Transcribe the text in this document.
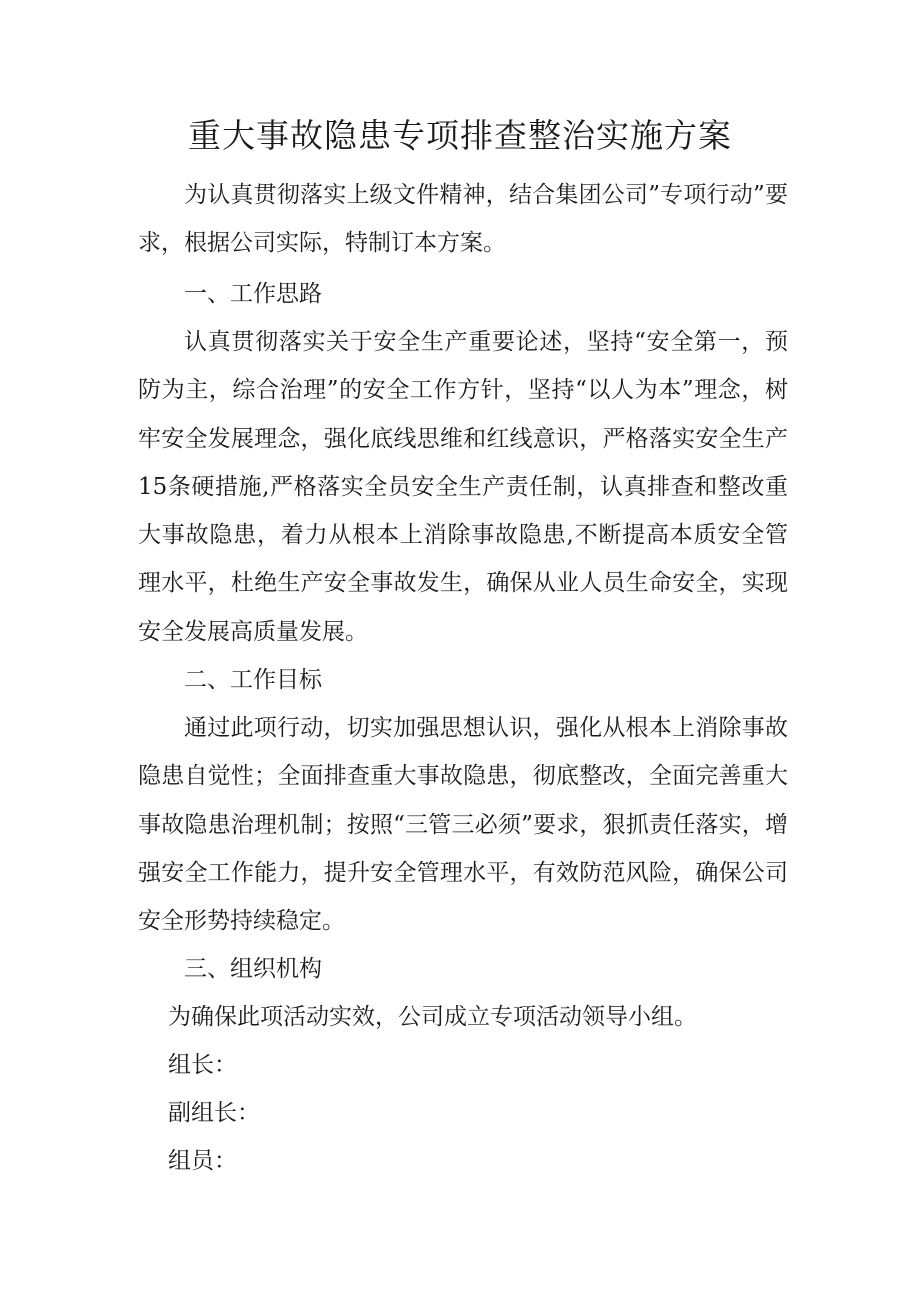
重大事故隐患专项排查整治实施方案
为认真贯彻落实上级文件精神，结合集团公司”专项行动”要求，根据公司实际，特制订本方案。
一、工作思路
认真贯彻落实关于安全生产重要论述，坚持“安全第一，预防为主，综合治理”的安全工作方针，坚持“以人为本”理念，树牢安全发展理念，强化底线思维和红线意识，严格落实安全生产15条硬措施,严格落实全员安全生产责任制，认真排查和整改重大事故隐患，着力从根本上消除事故隐患,不断提高本质安全管理水平，杜绝生产安全事故发生，确保从业人员生命安全，实现安全发展高质量发展。
二、工作目标
通过此项行动，切实加强思想认识，强化从根本上消除事故隐患自觉性；全面排查重大事故隐患，彻底整改，全面完善重大事故隐患治理机制；按照“三管三必须”要求，狠抓责任落实，增强安全工作能力，提升安全管理水平，有效防范风险，确保公司安全形势持续稳定。
三、组织机构
为确保此项活动实效，公司成立专项活动领导小组。
组长：
副组长：
组员：
